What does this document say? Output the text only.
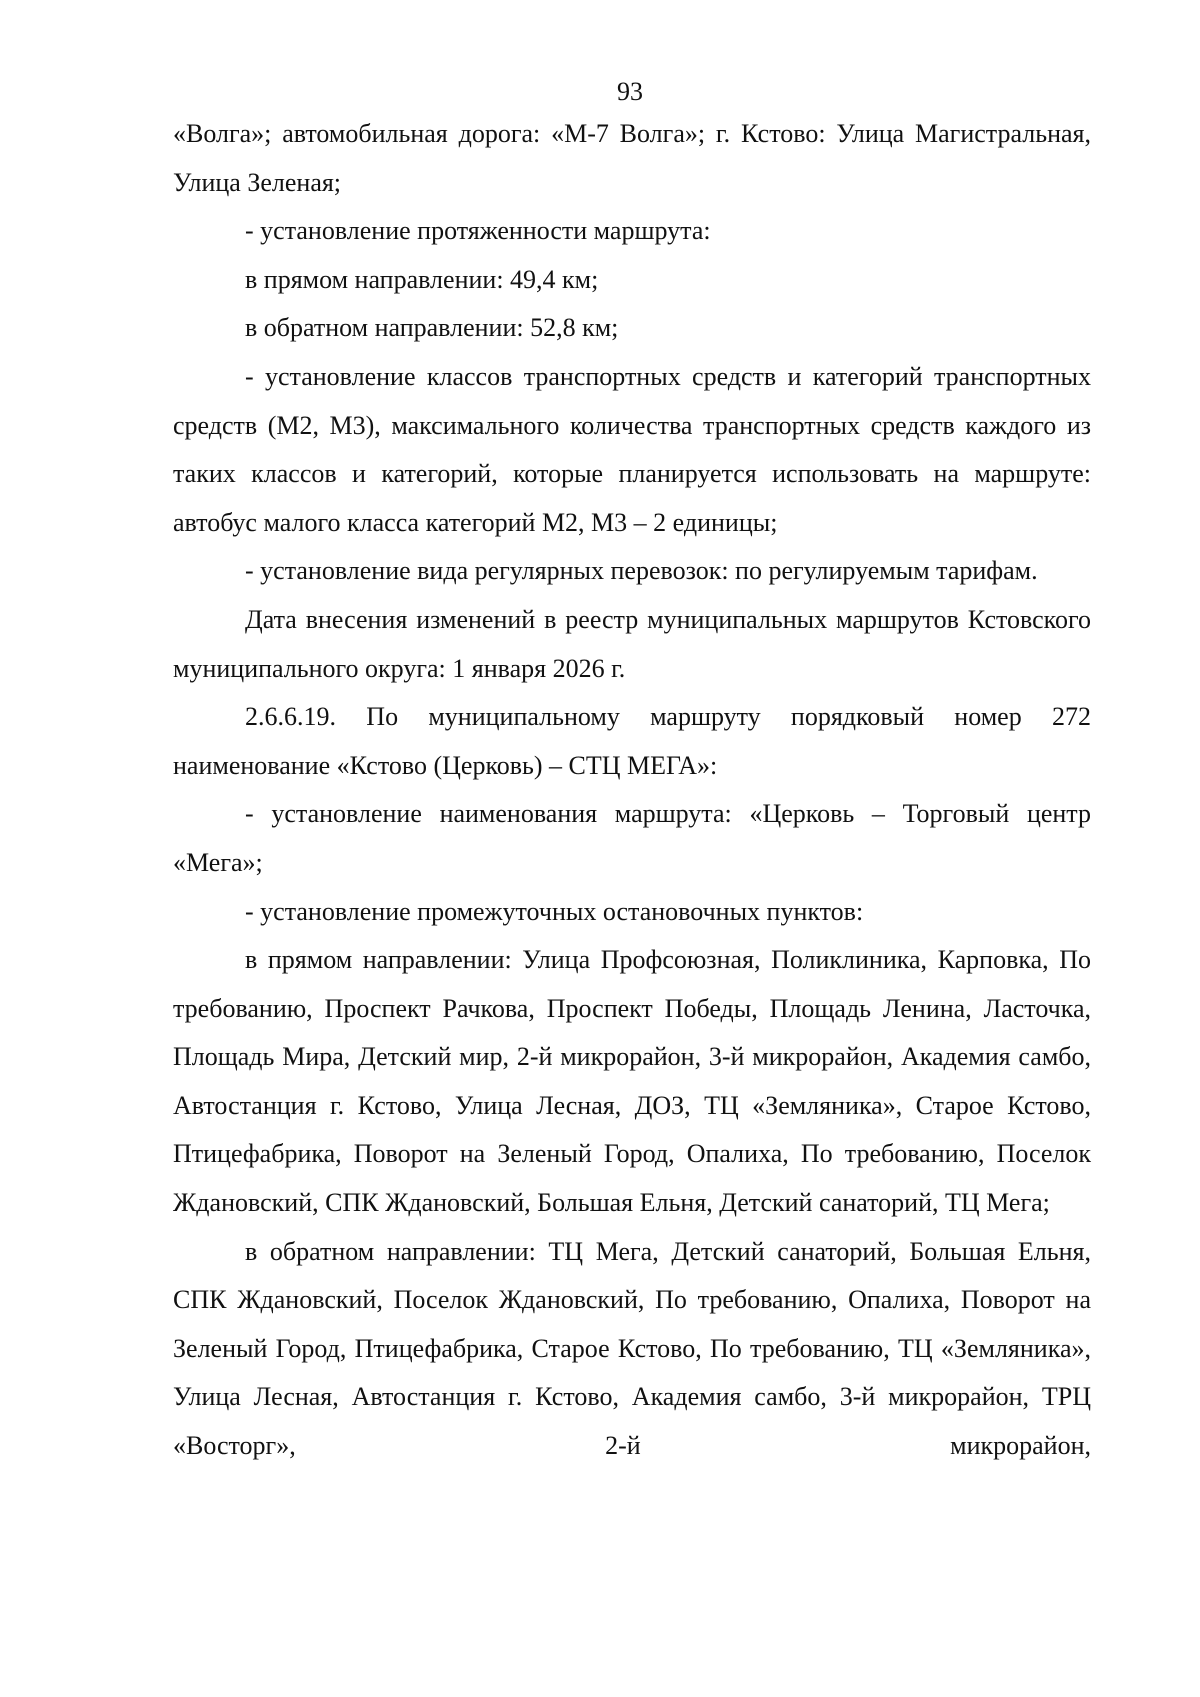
93

«Волга»; автомобильная дорога: «М-7 Волга»; г. Кстово: Улица Магистральная, Улица Зеленая;

- установление протяженности маршрута:

в прямом направлении: 49,4 км;

в обратном направлении: 52,8 км;

- установление классов транспортных средств и категорий транспортных средств (М2, М3), максимального количества транспортных средств каждого из таких классов и категорий, которые планируется использовать на маршруте: автобус малого класса категорий М2, М3 – 2 единицы;

- установление вида регулярных перевозок: по регулируемым тарифам.

Дата внесения изменений в реестр муниципальных маршрутов Кстовского муниципального округа: 1 января 2026 г.

2.6.6.19. По муниципальному маршруту порядковый номер 272 наименование «Кстово (Церковь) – СТЦ МЕГА»:

- установление наименования маршрута: «Церковь – Торговый центр «Мега»;

- установление промежуточных остановочных пунктов:

в прямом направлении: Улица Профсоюзная, Поликлиника, Карповка, По требованию, Проспект Рачкова, Проспект Победы, Площадь Ленина, Ласточка, Площадь Мира, Детский мир, 2-й микрорайон, 3-й микрорайон, Академия самбо, Автостанция г. Кстово, Улица Лесная, ДОЗ, ТЦ «Земляника», Старое Кстово, Птицефабрика, Поворот на Зеленый Город, Опалиха, По требованию, Поселок Ждановский, СПК Ждановский, Большая Ельня, Детский санаторий, ТЦ Мега;

в обратном направлении: ТЦ Мега, Детский санаторий, Большая Ельня, СПК Ждановский, Поселок Ждановский, По требованию, Опалиха, Поворот на Зеленый Город, Птицефабрика, Старое Кстово, По требованию, ТЦ «Земляника», Улица Лесная, Автостанция г. Кстово, Академия самбо, 3-й микрорайон, ТРЦ «Восторг», 2-й микрорайон,
